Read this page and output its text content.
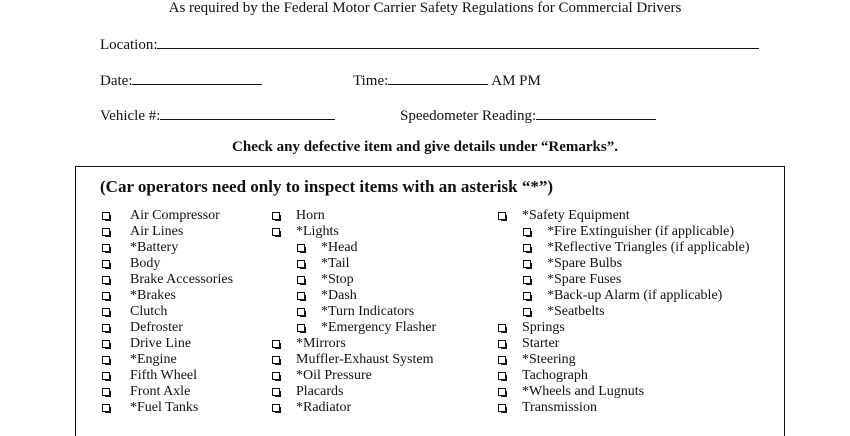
As required by the Federal Motor Carrier Safety Regulations for Commercial Drivers
Location:
Date:	Time:	AM PM
Vehicle #:	Speedometer Reading:
Check any defective item and give details under “Remarks”.
(Car operators need only to inspect items with an asterisk “*”)
Air Compressor
Air Lines
*Battery
Body
Brake Accessories
*Brakes
Clutch
Defroster
Drive Line
*Engine
Fifth Wheel
Front Axle
*Fuel Tanks
Horn
*Lights
*Head
*Tail
*Stop
*Dash
*Turn Indicators
*Emergency Flasher
*Mirrors
Muffler-Exhaust System
*Oil Pressure
Placards
*Radiator
*Safety Equipment
*Fire Extinguisher (if applicable)
*Reflective Triangles (if applicable)
*Spare Bulbs
*Spare Fuses
*Back-up Alarm (if applicable)
*Seatbelts
Springs
Starter
*Steering
Tachograph
*Wheels and Lugnuts
Transmission
